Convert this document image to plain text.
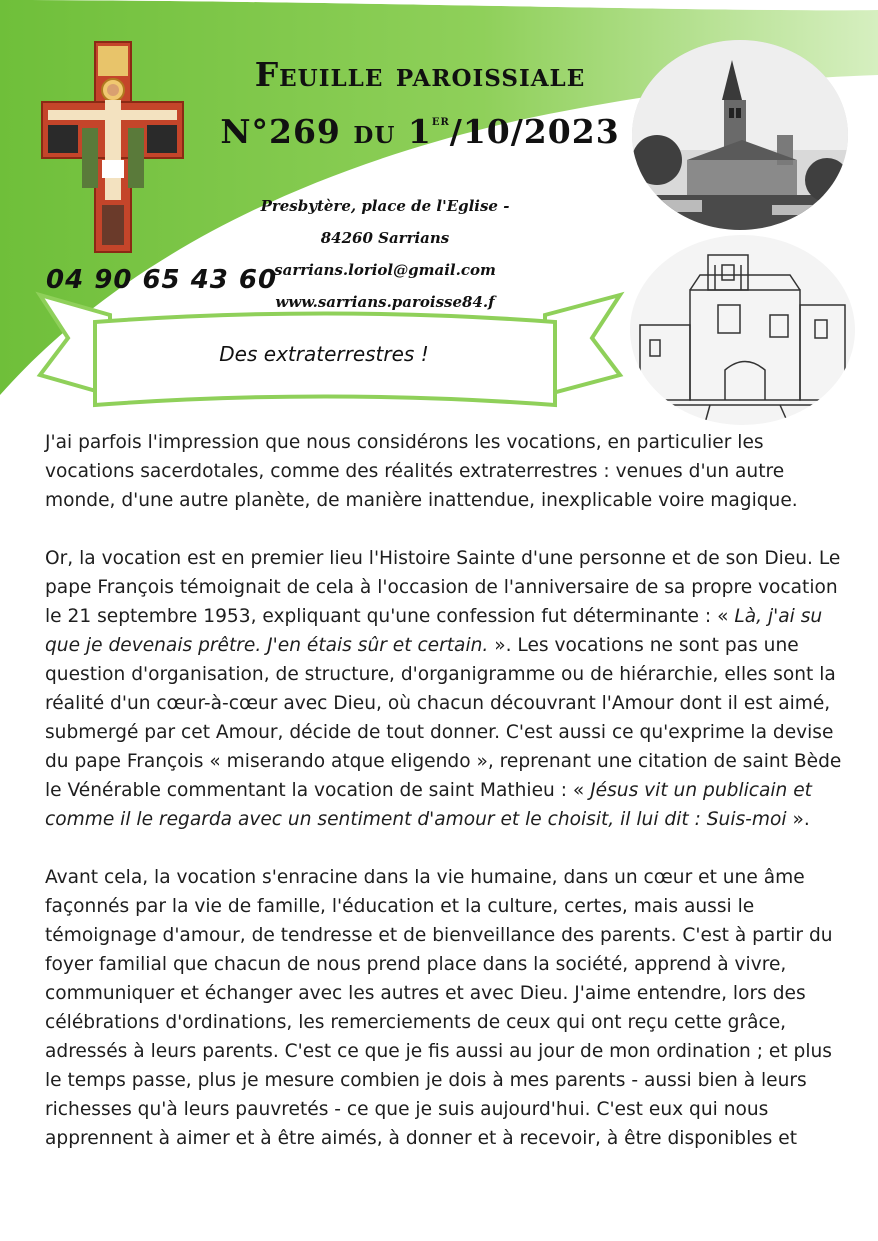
Feuille paroissiale
N°269 du 1er/10/2023
Presbytère, place de l'Eglise -
84260 Sarrians
sarrians.loriol@gmail.com
www.sarrians.paroisse84.f
04 90 65 43 60
Des extraterrestres !

J'ai parfois l'impression que nous considérons les vocations, en particulier les vocations sacerdotales, comme des réalités extraterrestres : venues d'un autre monde, d'une autre planète, de manière inattendue, inexplicable voire magique.

Or, la vocation est en premier lieu l'Histoire Sainte d'une personne et de son Dieu. Le pape François témoignait de cela à l'occasion de l'anniversaire de sa propre vocation le 21 septembre 1953, expliquant qu'une confession fut déterminante : « Là, j'ai su que je devenais prêtre. J'en étais sûr et certain. ». Les vocations ne sont pas une question d'organisation, de structure, d'organigramme ou de hiérarchie, elles sont la réalité d'un cœur-à-cœur avec Dieu, où chacun découvrant l'Amour dont il est aimé, submergé par cet Amour, décide de tout donner. C'est aussi ce qu'exprime la devise du pape François « miserando atque eligendo », reprenant une citation de saint Bède le Vénérable commentant la vocation de saint Mathieu : « Jésus vit un publicain et comme il le regarda avec un sentiment d'amour et le choisit, il lui dit : Suis-moi ».

Avant cela, la vocation s'enracine dans la vie humaine, dans un cœur et une âme façonnés par la vie de famille, l'éducation et la culture, certes, mais aussi le témoignage d'amour, de tendresse et de bienveillance des parents. C'est à partir du foyer familial que chacun de nous prend place dans la société, apprend à vivre, communiquer et échanger avec les autres et avec Dieu. J'aime entendre, lors des célébrations d'ordinations, les remerciements de ceux qui ont reçu cette grâce, adressés à leurs parents. C'est ce que je fis aussi au jour de mon ordination ; et plus le temps passe, plus je mesure combien je dois à mes parents - aussi bien à leurs richesses qu'à leurs pauvretés - ce que je suis aujourd'hui. C'est eux qui nous apprennent à aimer et à être aimés, à donner et à recevoir, à être disponibles et
